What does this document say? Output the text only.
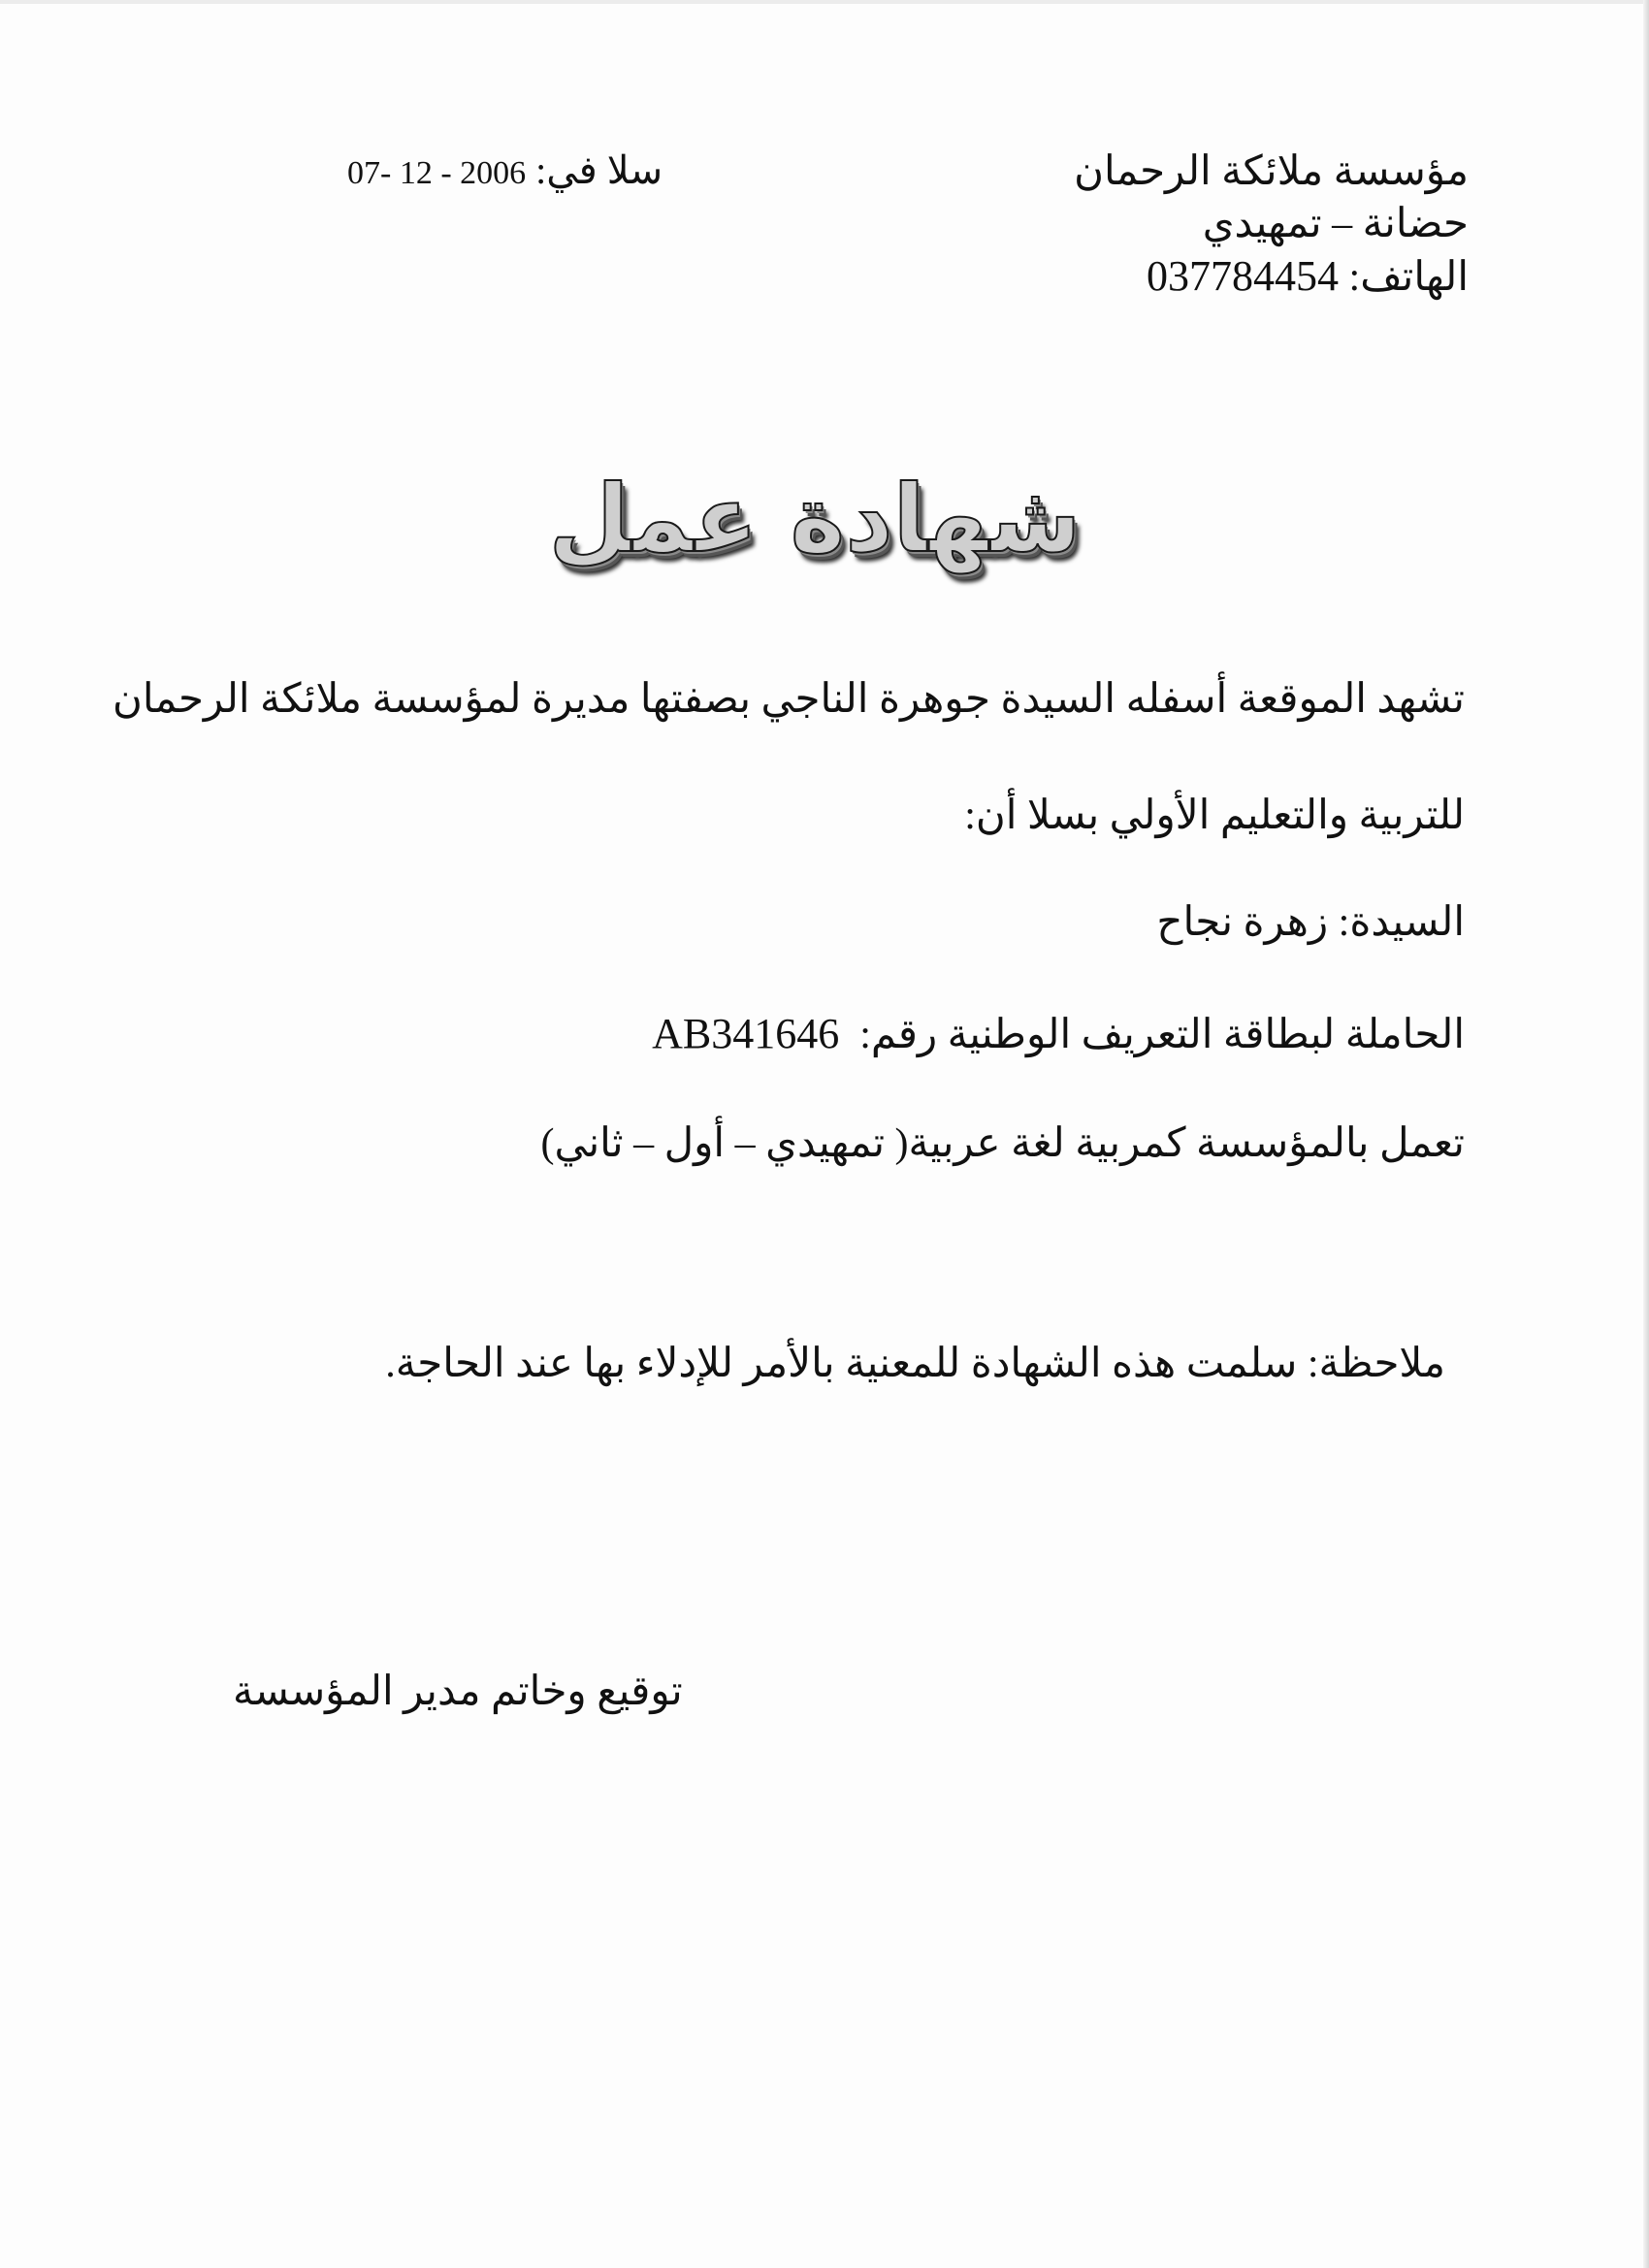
مؤسسة ملائكة الرحمان
حضانة – تمهيدي
الهاتف: 037784454
سلا في: 07- 12 - 2006
شهادة عمل
تشهد الموقعة أسفله السيدة جوهرة الناجي بصفتها مديرة لمؤسسة ملائكة الرحمان
للتربية والتعليم الأولي بسلا أن:
السيدة: زهرة نجاح
الحاملة لبطاقة التعريف الوطنية رقم:  AB341646
تعمل بالمؤسسة كمربية لغة عربية( تمهيدي – أول – ثاني)
ملاحظة: سلمت هذه الشهادة للمعنية بالأمر للإدلاء بها عند الحاجة.
توقيع وخاتم مدير المؤسسة
